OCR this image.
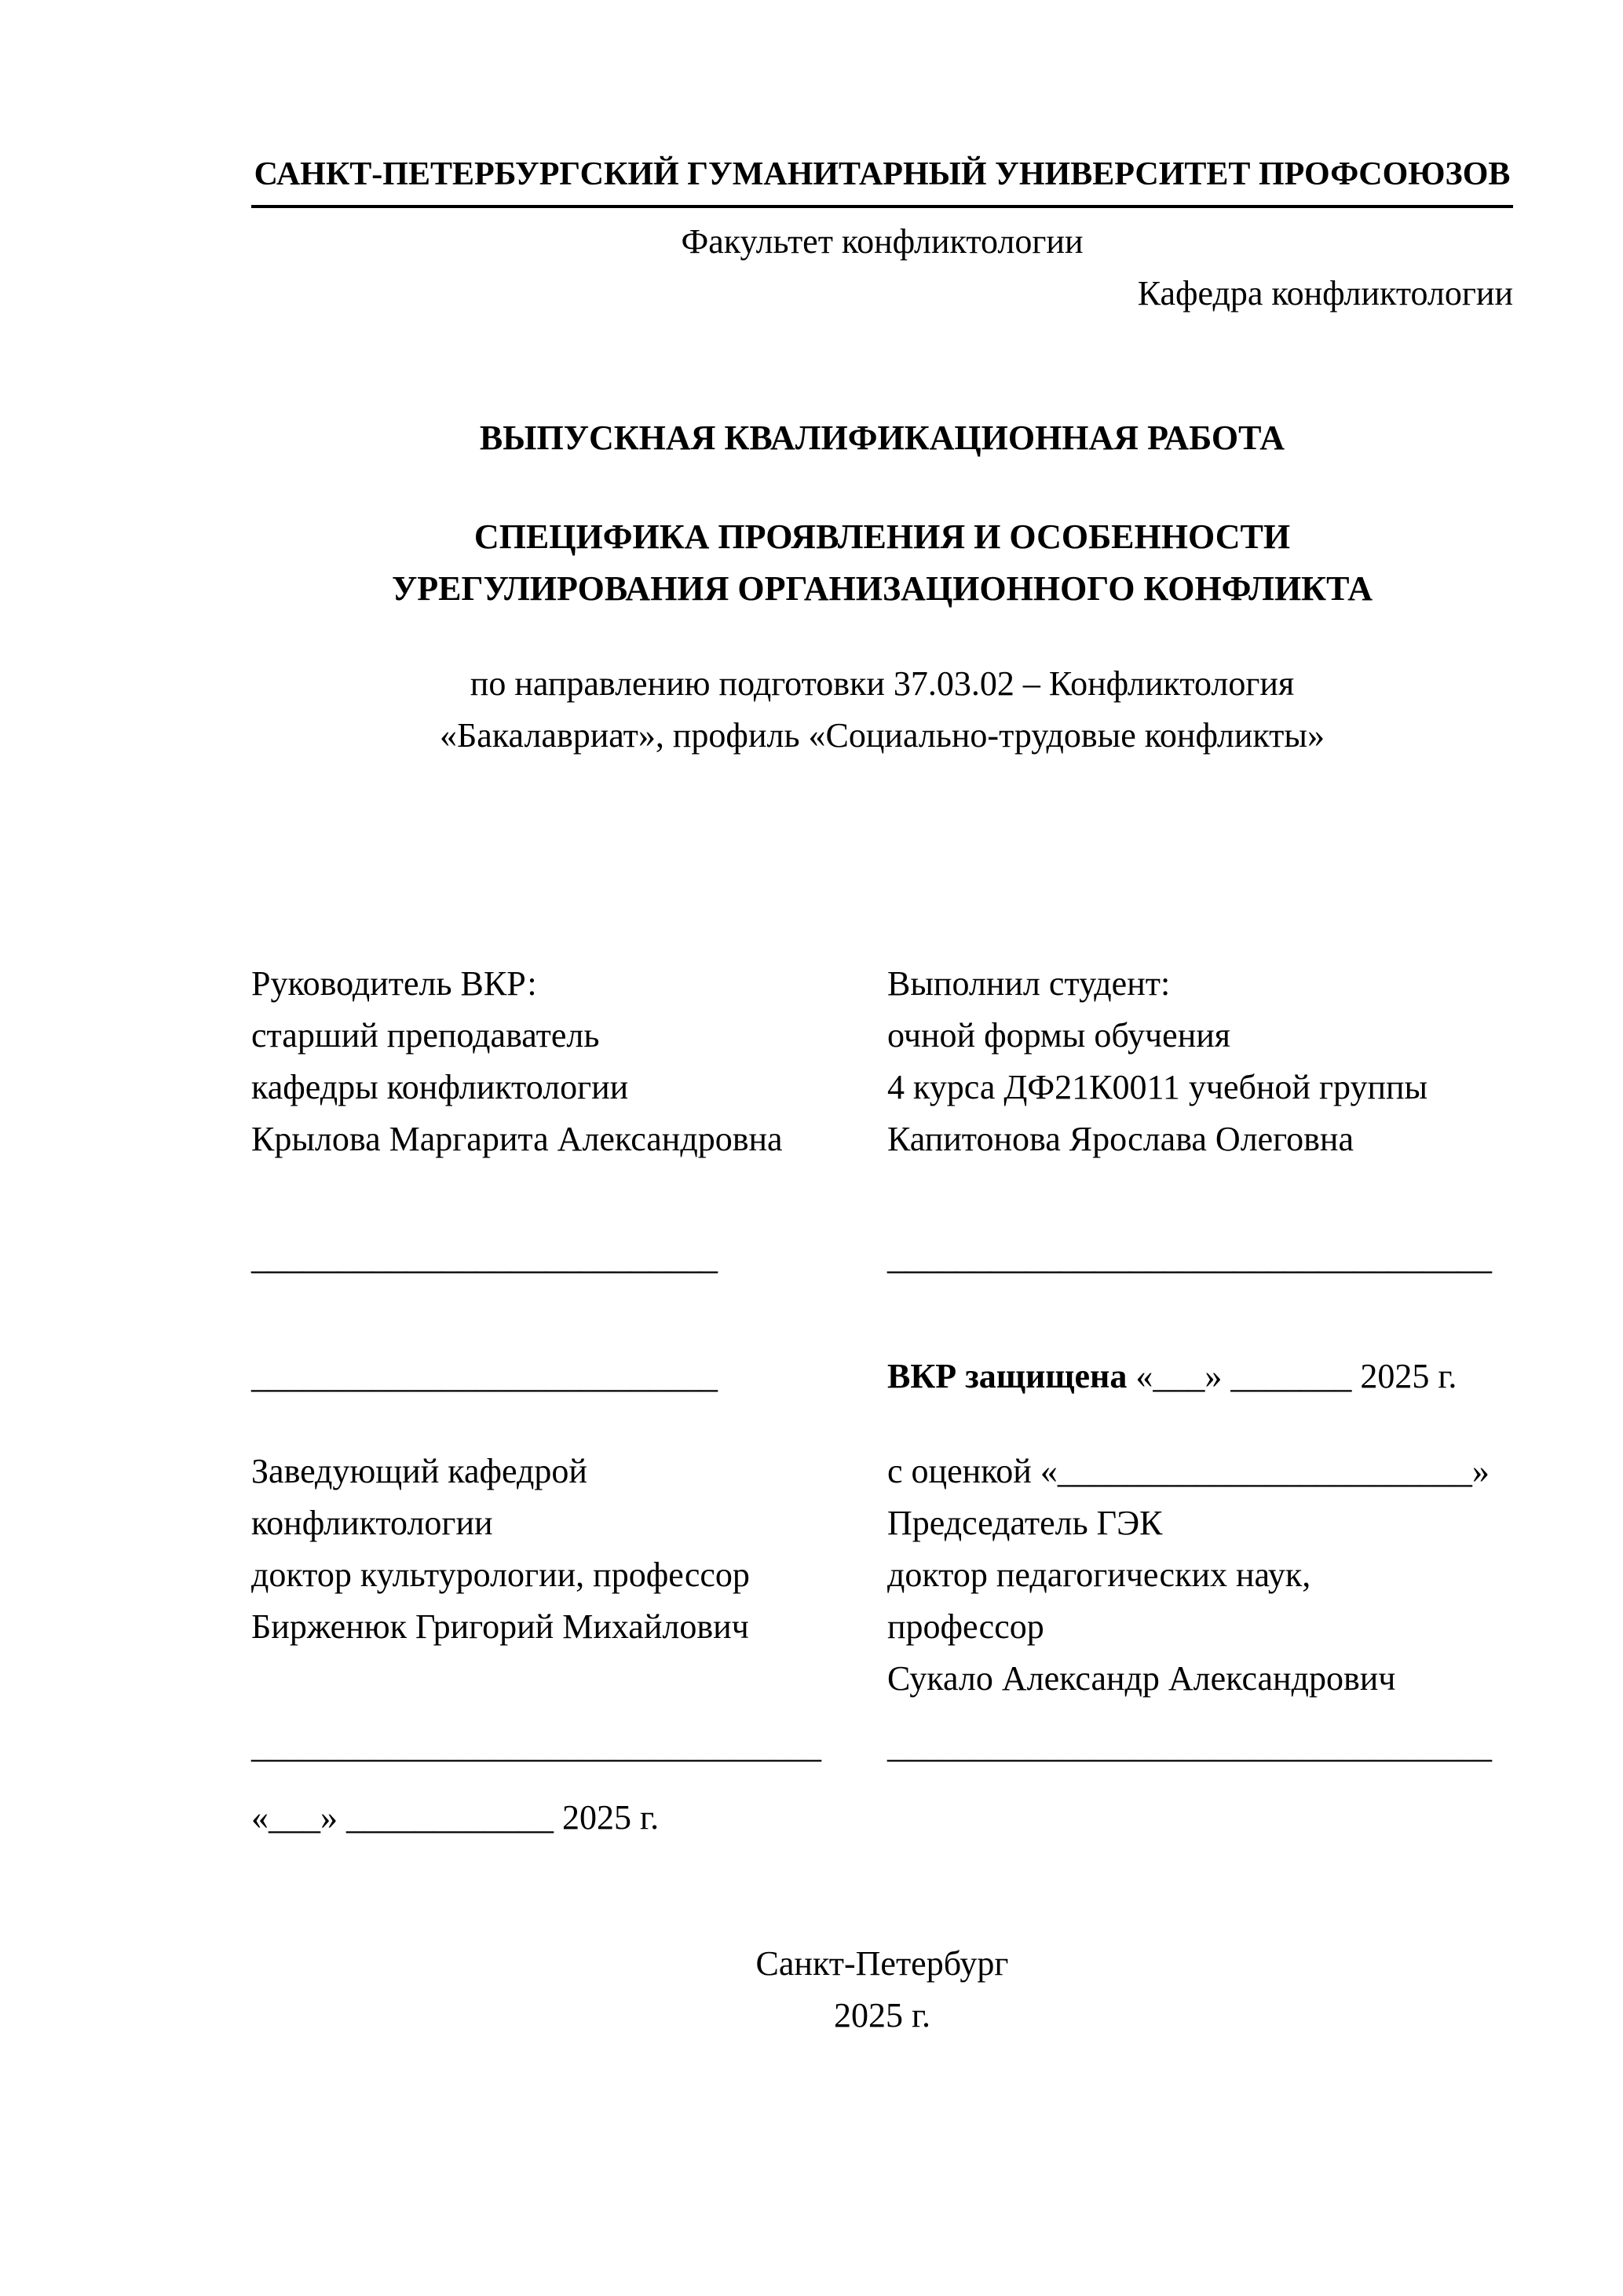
САНКТ-ПЕТЕРБУРГСКИЙ ГУМАНИТАРНЫЙ УНИВЕРСИТЕТ ПРОФСОЮЗОВ
Факультет конфликтологии
Кафедра конфликтологии
ВЫПУСКНАЯ КВАЛИФИКАЦИОННАЯ РАБОТА
СПЕЦИФИКА ПРОЯВЛЕНИЯ И ОСОБЕННОСТИ
УРЕГУЛИРОВАНИЯ ОРГАНИЗАЦИОННОГО КОНФЛИКТА
по направлению подготовки 37.03.02 – Конфликтология
«Бакалавриат», профиль «Социально-трудовые конфликты»
Руководитель ВКР:
старший преподаватель
кафедры конфликтологии
Крылова Маргарита Александровна
Выполнил студент:
очной формы обучения
4 курса ДФ21К0011 учебной группы
Капитонова Ярослава Олеговна
___________________________	___________________________________
___________________________	ВКР защищена «___» _______ 2025 г.
Заведующий кафедрой
конфликтологии
доктор культурологии, профессор
Бирженюк Григорий Михайлович
с оценкой «________________________»
Председатель ГЭК
доктор педагогических наук,
профессор
Сукало Александр Александрович
_________________________________	___________________________________
«___» ____________ 2025 г.
Санкт-Петербург
2025 г.
